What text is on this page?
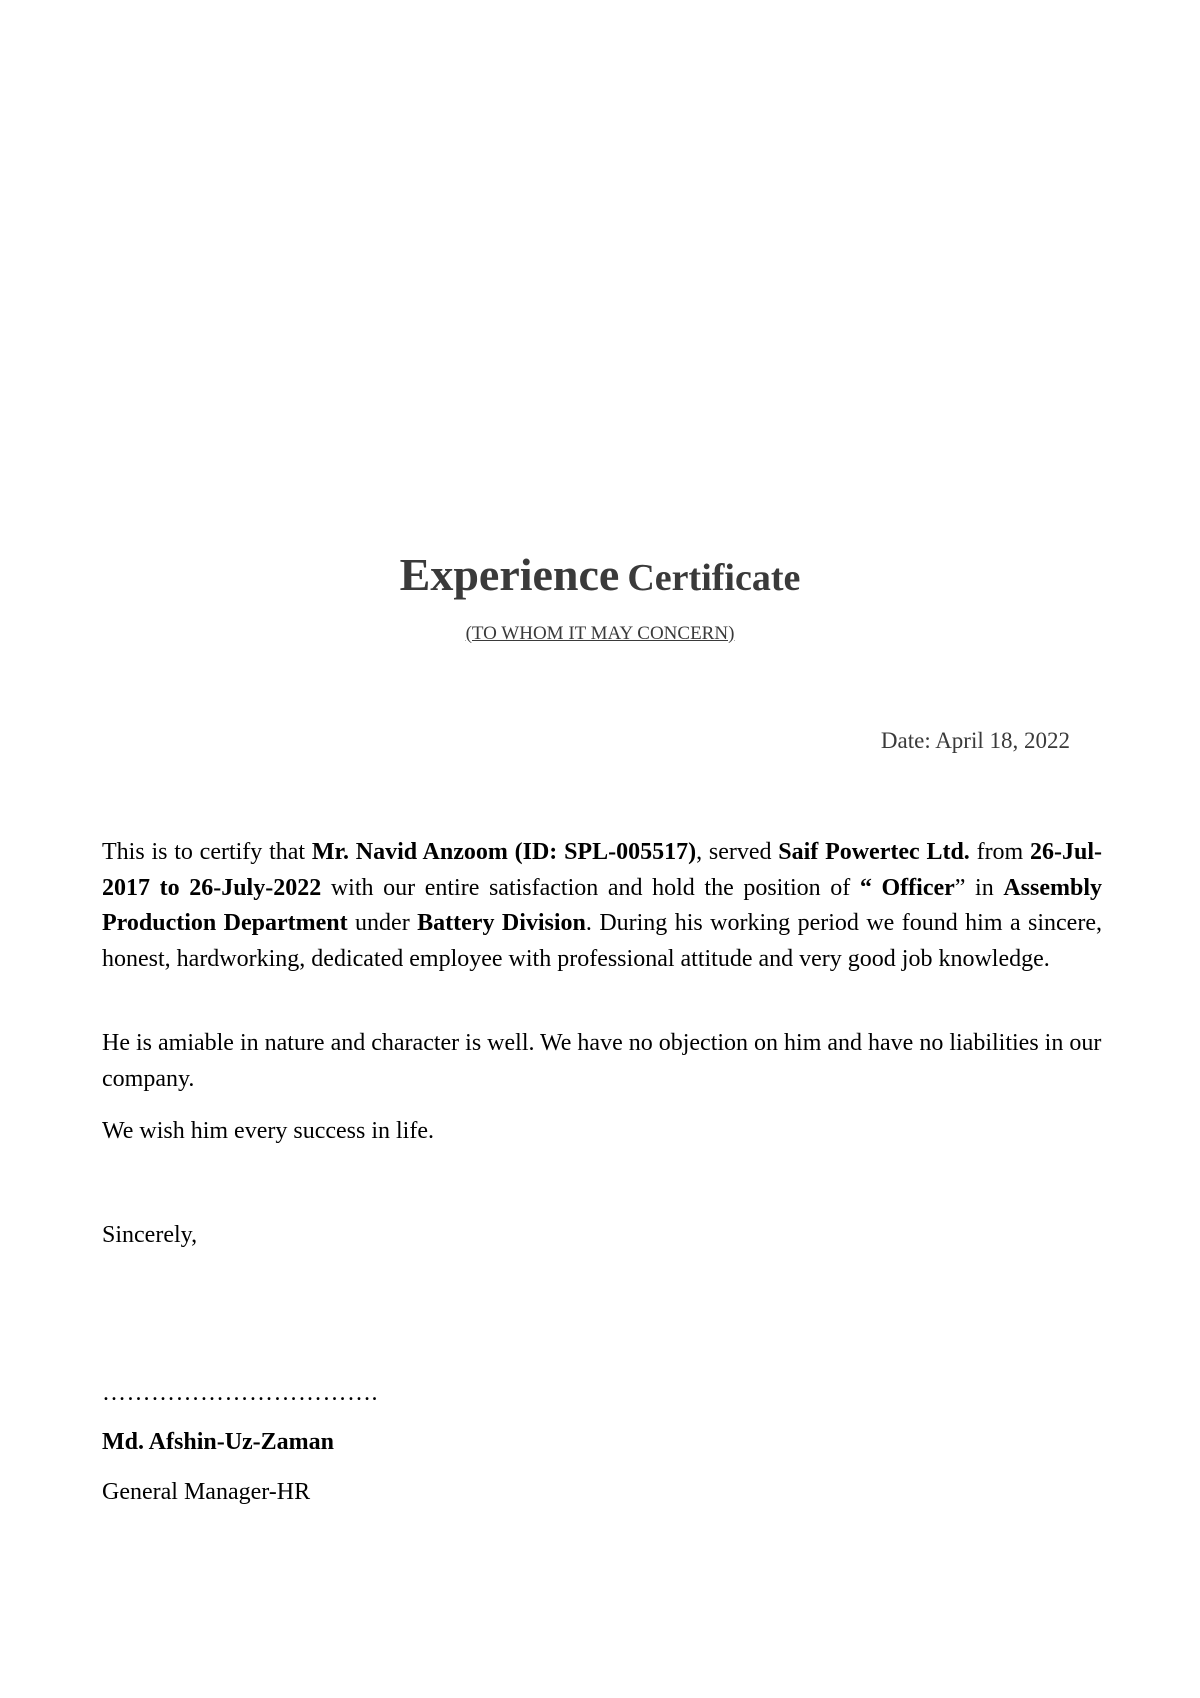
Experience Certificate
(TO WHOM IT MAY CONCERN)
Date: April 18, 2022

This is to certify that Mr. Navid Anzoom (ID: SPL-005517), served Saif Powertec Ltd. from 26-Jul-2017 to 26-July-2022 with our entire satisfaction and hold the position of “ Officer” in Assembly Production Department under Battery Division. During his working period we found him a sincere, honest, hardworking, dedicated employee with professional attitude and very good job knowledge.

He is amiable in nature and character is well. We have no objection on him and have no liabilities in our company.

We wish him every success in life.

Sincerely,

…………………………….

Md. Afshin-Uz-Zaman

General Manager-HR
